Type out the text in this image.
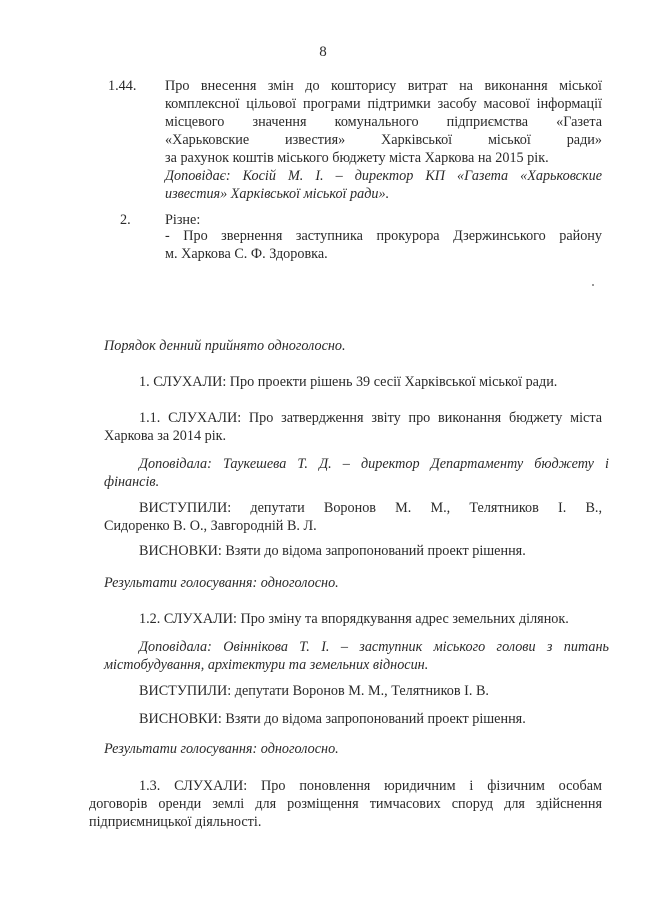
8
1.44. Про внесення змін до кошторису витрат на виконання міської
комплексної цільової програми підтримки засобу масової інформації
місцевого значення комунального підприємства «Газета
«Харьковские известия» Харківської міської ради»
за рахунок коштів міського бюджету міста Харкова на 2015 рік.
Доповідає: Косій М. І. – директор КП «Газета «Харьковские
известия» Харківської міської ради».
2. Різне:
- Про звернення заступника прокурора Дзержинського району
м. Харкова С. Ф. Здоровка.
Порядок денний прийнято одноголосно.
1. СЛУХАЛИ: Про проекти рішень 39 сесії Харківської міської ради.
1.1. СЛУХАЛИ: Про затвердження звіту про виконання бюджету міста
Харкова за 2014 рік.
Доповідала: Таукешева Т. Д. – директор Департаменту бюджету і
фінансів.
ВИСТУПИЛИ: депутати Воронов М. М., Телятников І. В.,
Сидоренко В. О., Завгородній В. Л.
ВИСНОВКИ: Взяти до відома запропонований проект рішення.
Результати голосування: одноголосно.
1.2. СЛУХАЛИ: Про зміну та впорядкування адрес земельних ділянок.
Доповідала: Овіннікова Т. І. – заступник міського голови з питань
містобудування, архітектури та земельних відносин.
ВИСТУПИЛИ: депутати Воронов М. М., Телятников І. В.
ВИСНОВКИ: Взяти до відома запропонований проект рішення.
Результати голосування: одноголосно.
1.3. СЛУХАЛИ: Про поновлення юридичним і фізичним особам
договорів оренди землі для розміщення тимчасових споруд для здійснення
підприємницької діяльності.
